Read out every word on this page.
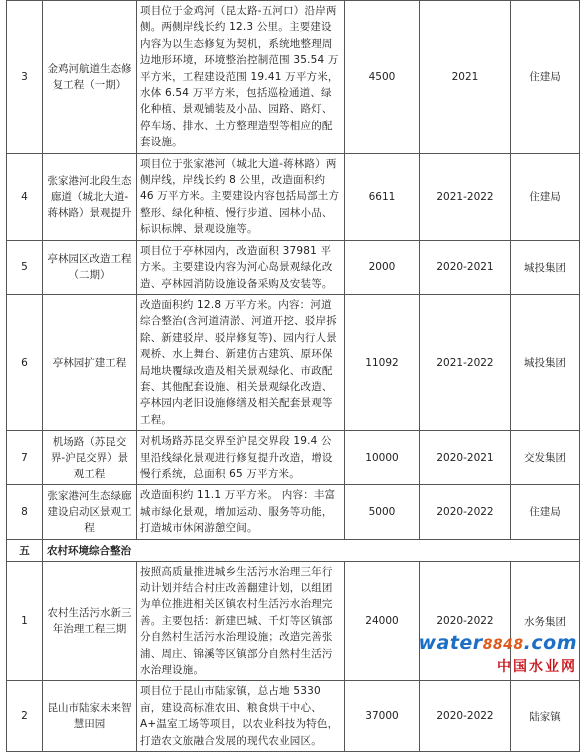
3	金鸡河航道生态修复工程（一期）	项目位于金鸡河（昆太路-五河口）沿岸两侧。两侧岸线长约 12.3 公里。主要建设内容为以生态修复为契机，系统地整理周边地形环境，环境整治控制范围 35.54 万平方米，工程建设范围 19.41 万平方米，水体 6.54 万平方米，包括巡检通道、绿化种植、景观铺装及小品、园路、路灯、停车场、排水、土方整理造型等相应的配套设施。	4500	2021	住建局
4	张家港河北段生态廊道（城北大道-蒋林路）景观提升	项目位于张家港河（城北大道-蒋林路）两侧岸线，岸线长约 8 公里，改造面积约 46 万平方米。主要建设内容包括局部土方整形、绿化种植、慢行步道、园林小品、标识标牌、景观设施等。	6611	2021-2022	住建局
5	亭林园区改造工程（二期）	项目位于亭林园内，改造面积 37981 平方米。主要建设内容为河心岛景观绿化改造、亭林园消防设施设备采购及安装等。	2000	2020-2021	城投集团
6	亭林园扩建工程	改造面积约 12.8 万平方米。内容：河道综合整治(含河道清淤、河道开挖、驳岸拆除、新建驳岸、驳岸修复等)、园内行人景观桥、水上舞台、新建仿古建筑、原环保局地块覆绿改造及相关景观绿化、市政配套、其他配套设施、相关景观绿化改造、亭林园内老旧设施修缮及相关配套景观等工程。	11092	2021-2022	城投集团
7	机场路（苏昆交界-沪昆交界）景观工程	对机场路苏昆交界至沪昆交界段 19.4 公里沿线绿化景观进行修复提升改造，增设慢行系统，总面积 65 万平方米。	10000	2020-2021	交发集团
8	张家港河生态绿廊建设启动区景观工程	改造面积约 11.1 万平方米。 内容：丰富城市绿化景观，增加运动、服务等功能，打造城市休闲游憩空间。	5000	2020-2022	住建局
五	农村环境综合整治				
1	农村生活污水新三年治理工程三期	按照高质量推进城乡生活污水治理三年行动计划并结合村庄改善翻建计划，以组团为单位推进相关区镇农村生活污水治理完善。主要包括：新建巴城、千灯等区镇部分自然村生活污水治理设施；改造完善张浦、周庄、锦溪等区镇部分自然村生活污水治理设施。	24000	2020-2022	水务集团
2	昆山市陆家未来智慧田园	项目位于昆山市陆家镇，总占地 5330 亩，建设高标准农田、粮食烘干中心、A+温室工场等项目，以农业科技为特色，打造农文旅融合发展的现代农业园区。	37000	2020-2022	陆家镇
water8848.com
中国水业网
